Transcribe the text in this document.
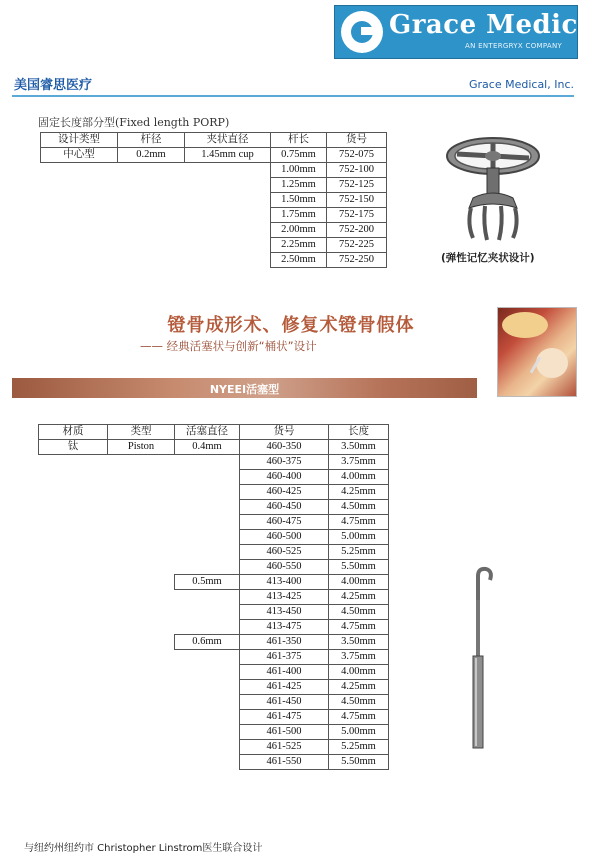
Grace Medical
AN ENTERGRYX COMPANY
美国睿思医疗	Grace Medical, Inc.
固定长度部分型(Fixed length PORP)
设计类型	杆径	夹状直径	杆长	货号
中心型	0.2mm	1.45mm cup	0.75mm	752-075
			1.00mm	752-100
			1.25mm	752-125
			1.50mm	752-150
			1.75mm	752-175
			2.00mm	752-200
			2.25mm	752-225
			2.50mm	752-250	(弹性记忆夹状设计)
镫骨成形术、修复术镫骨假体
—— 经典活塞状与创新“桶状”设计
NYEEI活塞型
材质	类型	活塞直径	货号	长度
钛	Piston	0.4mm	460-350	3.50mm
			460-375	3.75mm
			460-400	4.00mm
			460-425	4.25mm
			460-450	4.50mm
			460-475	4.75mm
			460-500	5.00mm
			460-525	5.25mm
			460-550	5.50mm
		0.5mm	413-400	4.00mm
			413-425	4.25mm
			413-450	4.50mm
			413-475	4.75mm
		0.6mm	461-350	3.50mm
			461-375	3.75mm
			461-400	4.00mm
			461-425	4.25mm
			461-450	4.50mm
			461-475	4.75mm
			461-500	5.00mm
			461-525	5.25mm
			461-550	5.50mm
与纽约州纽约市 Christopher Linstrom医生联合设计
